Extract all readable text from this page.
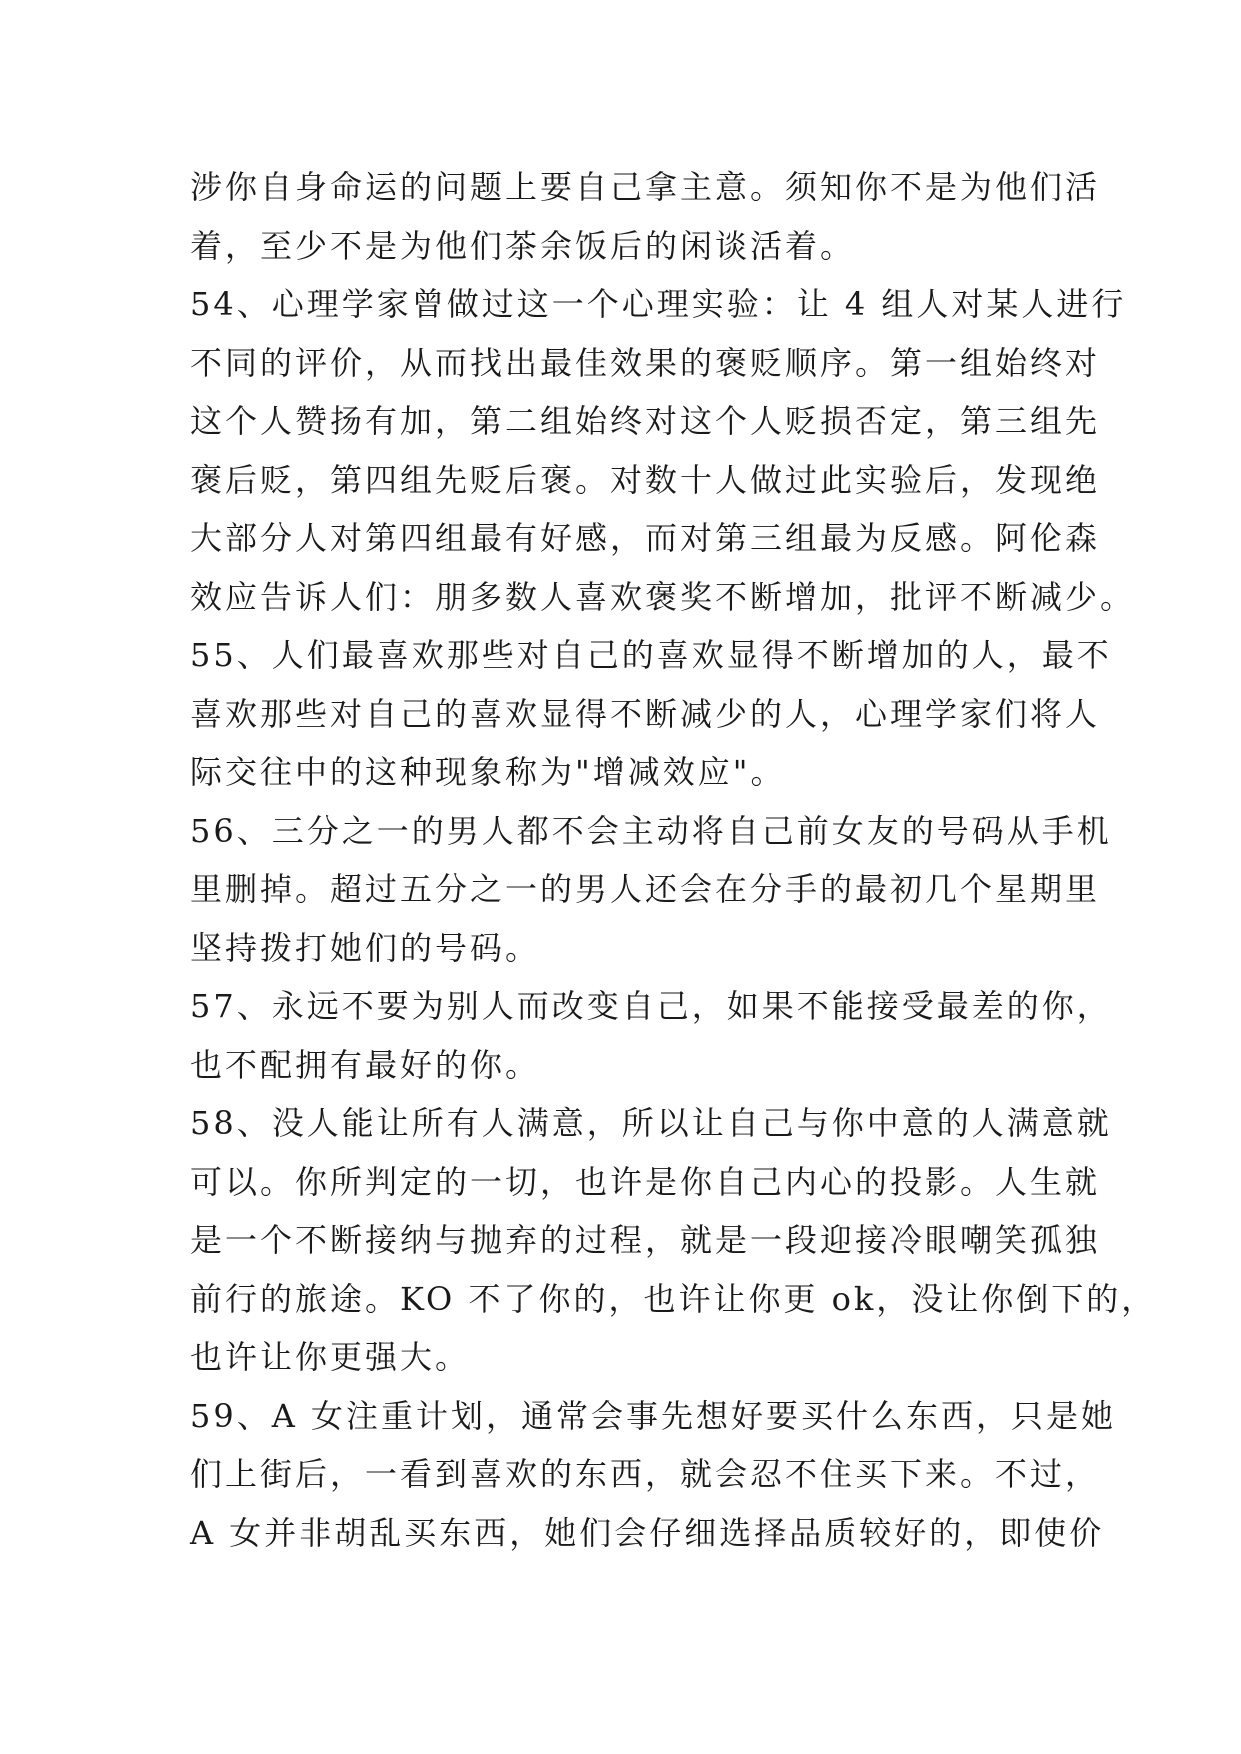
涉你自身命运的问题上要自己拿主意。须知你不是为他们活
着，至少不是为他们茶余饭后的闲谈活着。
54、心理学家曾做过这一个心理实验：让 4 组人对某人进行
不同的评价，从而找出最佳效果的褒贬顺序。第一组始终对
这个人赞扬有加，第二组始终对这个人贬损否定，第三组先
褒后贬，第四组先贬后褒。对数十人做过此实验后，发现绝
大部分人对第四组最有好感，而对第三组最为反感。阿伦森
效应告诉人们：朋多数人喜欢褒奖不断增加，批评不断减少。
55、人们最喜欢那些对自己的喜欢显得不断增加的人，最不
喜欢那些对自己的喜欢显得不断减少的人，心理学家们将人
际交往中的这种现象称为"增减效应"。
56、三分之一的男人都不会主动将自己前女友的号码从手机
里删掉。超过五分之一的男人还会在分手的最初几个星期里
坚持拨打她们的号码。
57、永远不要为别人而改变自己，如果不能接受最差的你，
也不配拥有最好的你。
58、没人能让所有人满意，所以让自己与你中意的人满意就
可以。你所判定的一切，也许是你自己内心的投影。人生就
是一个不断接纳与抛弃的过程，就是一段迎接冷眼嘲笑孤独
前行的旅途。KO 不了你的，也许让你更 ok，没让你倒下的，
也许让你更强大。
59、A 女注重计划，通常会事先想好要买什么东西，只是她
们上街后，一看到喜欢的东西，就会忍不住买下来。不过，
A 女并非胡乱买东西，她们会仔细选择品质较好的，即使价
